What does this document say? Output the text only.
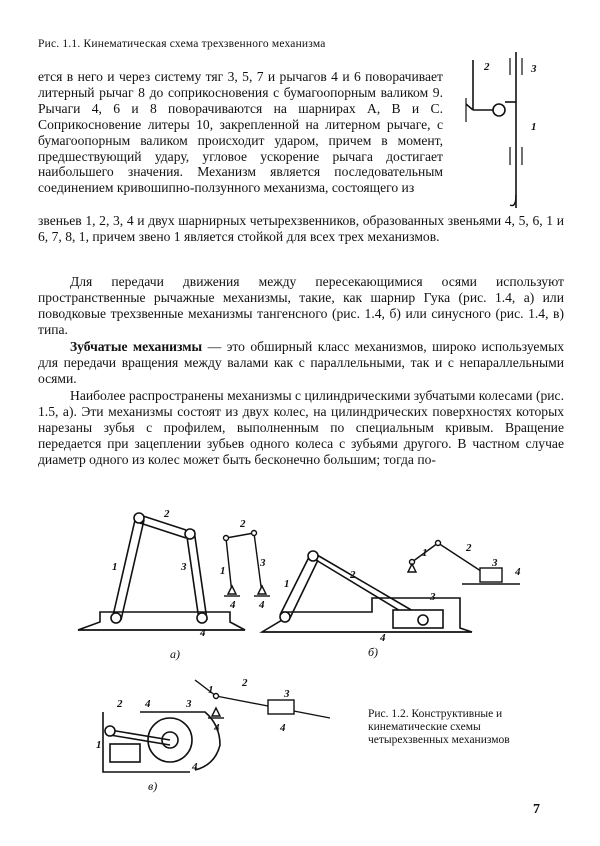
Рис. 1.1. Кинематическая схема трехзвенного механизма

ется в него и через систему тяг 3, 5, 7 и рычагов 4 и 6 поворачивает литерный рычаг 8 до соприкосновения с бумагоопорным валиком 9. Рычаги 4, 6 и 8 поворачиваются на шарнирах A, B и C. Соприкосновение литеры 10, закрепленной на литерном рычаге, с бумагоопорным валиком происходит ударом, причем в момент, предшествующий удару, угловое ускорение рычага достигает наибольшего значения. Механизм является последовательным соединением кривошипно-ползунного механизма, состоящего из

звеньев 1, 2, 3, 4 и двух шарнирных четырехзвенников, образованных звеньями 4, 5, 6, 1 и 6, 7, 8, 1, причем звено 1 является стойкой для всех трех механизмов.

Для передачи движения между пересекающимися осями используют пространственные рычажные механизмы, такие, как шарнир Гука (рис. 1.4, а) или поводковые трехзвенные механизмы тангенсного (рис. 1.4, б) или синусного (рис. 1.4, в) типа.

Зубчатые механизмы — это обширный класс механизмов, широко используемых для передачи вращения между валами как с параллельными, так и с непараллельными осями.

Наиболее распространены механизмы с цилиндрическими зубчатыми колесами (рис. 1.5, а). Эти механизмы состоят из двух колес, на цилиндрических поверхностях которых нарезаны зубья с профилем, выполненным по специальным кривым. Вращение передается при зацеплении зубьев одного колеса с зубьями другого. В частном случае диаметр одного из колес может быть бесконечно большим; тогда по-

2	3
1
1
2
3
4
1
2
3
4 4
1
2
3
4
1	2
3
4
2 4	3
1
4
1
2
3
4	4
а)	б)
в)
Рис. 1.2. Конструктивные и кинематические схемы четырехзвенных механизмов
7
